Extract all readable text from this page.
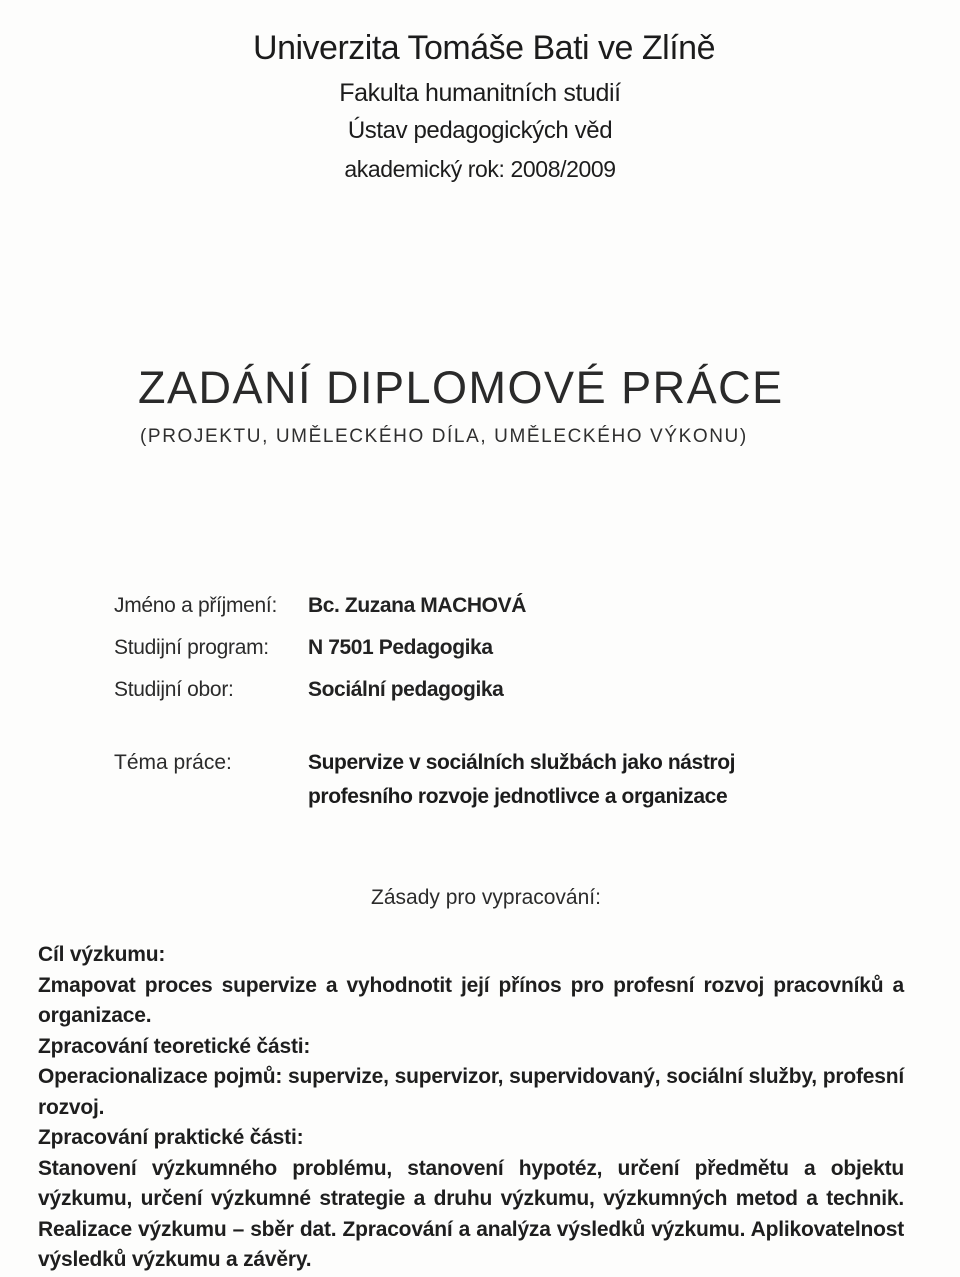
Univerzita Tomáše Bati ve Zlíně
Fakulta humanitních studií
Ústav pedagogických věd
akademický rok: 2008/2009
ZADÁNÍ DIPLOMOVÉ PRÁCE
(PROJEKTU, UMĚLECKÉHO DÍLA, UMĚLECKÉHO VÝKONU)
Jméno a příjmení:	Bc. Zuzana MACHOVÁ
Studijní program:	N 7501 Pedagogika
Studijní obor:	Sociální pedagogika
Téma práce:	Supervize v sociálních službách jako nástroj profesního rozvoje jednotlivce a organizace
Zásady pro vypracování:

Cíl výzkumu:

Zmapovat proces supervize a vyhodnotit její přínos pro profesní rozvoj pracovníků a organizace.

Zpracování teoretické části:

Operacionalizace pojmů: supervize, supervizor, supervidovaný, sociální služby, profesní rozvoj.

Zpracování praktické části:

Stanovení výzkumného problému, stanovení hypotéz, určení předmětu a objektu výzkumu, určení výzkumné strategie a druhu výzkumu, výzkumných metod a technik. Realizace výzkumu – sběr dat. Zpracování a analýza výsledků výzkumu. Aplikovatelnost výsledků výzkumu a závěry.
